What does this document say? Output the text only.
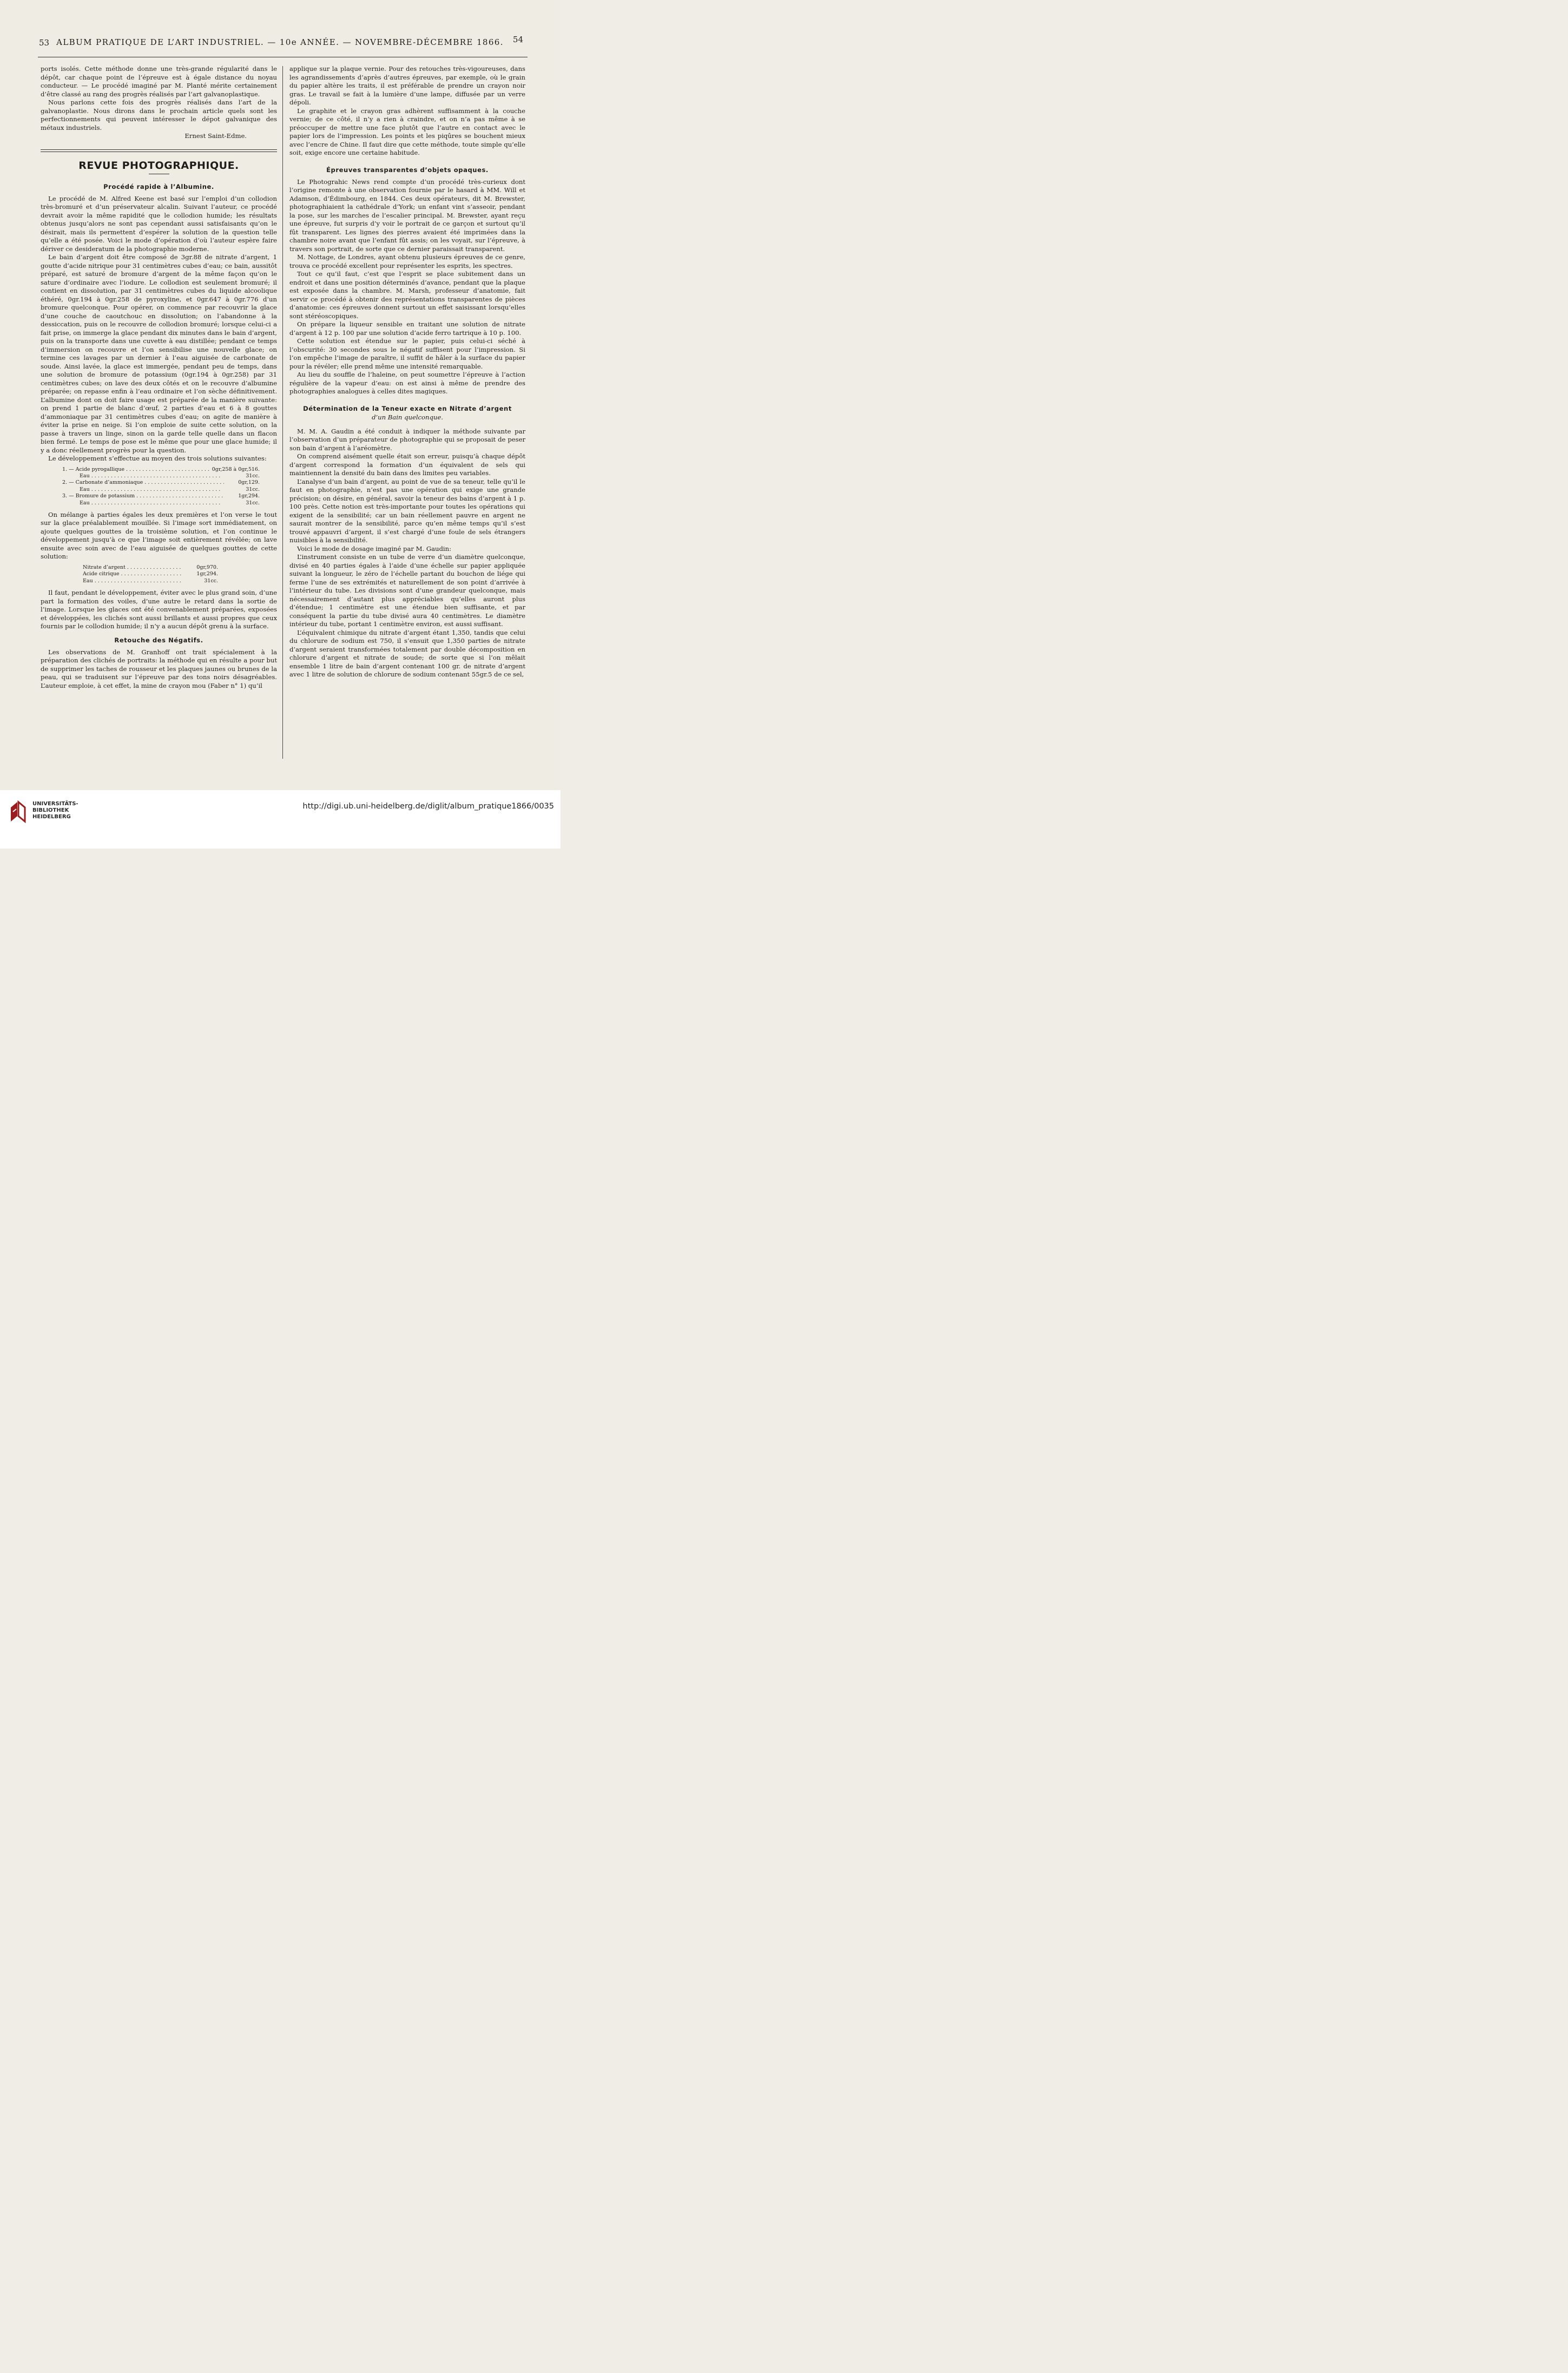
53 ALBUM PRATIQUE DE L’ART INDUSTRIEL. — 10e ANNÉE. — NOVEMBRE-DÉCEMBRE 1866.	54

ports isolés. Cette méthode donne une très-grande régularité dans le dépôt, car chaque point de l’épreuve est à égale distance du noyau conducteur. — Le procédé imaginé par M. Planté mérite certainement d’être classé au rang des progrès réalisés par l’art galvanoplastique.

Nous parlons cette fois des progrès réalisés dans l’art de la galvanoplastie. Nous dirons dans le prochain article quels sont les perfectionnements qui peuvent intéresser le dépot galvanique des métaux industriels.

Ernest Saint-Edme.

REVUE PHOTOGRAPHIQUE.
Procédé rapide à l’Albumine.

Le procédé de M. Alfred Keene est basé sur l’emploi d’un collodion très-bromuré et d’un préservateur alcalin. Suivant l’auteur, ce procédé devrait avoir la même rapidité que le collodion humide; les résultats obtenus jusqu’alors ne sont pas cependant aussi satisfaisants qu’on le désirait, mais ils permettent d’espérer la solution de la question telle qu’elle a été posée. Voici le mode d’opération d’où l’auteur espère faire dériver ce desideratum de la photographie moderne.

Le bain d’argent doit être composé de 3gr.88 de nitrate d’argent, 1 goutte d’acide nitrique pour 31 centimètres cubes d’eau; ce bain, aussitôt préparé, est saturé de bromure d’argent de la même façon qu’on le sature d’ordinaire avec l’iodure. Le collodion est seulement bromuré; il contient en dissolution, par 31 centimètres cubes du liquide alcoolique éthéré, 0gr.194 à 0gr.258 de pyroxyline, et 0gr.647 à 0gr.776 d’un bromure quelconque. Pour opérer, on commence par recouvrir la glace d’une couche de caoutchouc en dissolution; on l’abandonne à la dessiccation, puis on le recouvre de collodion bromuré; lorsque celui-ci a fait prise, on immerge la glace pendant dix minutes dans le bain d’argent, puis on la transporte dans une cuvette à eau distillée; pendant ce temps d’immersion on recouvre et l’on sensibilise une nouvelle glace; on termine ces lavages par un dernier à l’eau aiguisée de carbonate de soude. Ainsi lavée, la glace est immergée, pendant peu de temps, dans une solution de bromure de potassium (0gr.194 à 0gr.258) par 31 centimètres cubes; on lave des deux côtés et on le recouvre d’albumine préparée; on repasse enfin à l’eau ordinaire et l’on sèche définitivement. L’albumine dont on doit faire usage est préparée de la manière suivante: on prend 1 partie de blanc d’œuf, 2 parties d’eau et 6 à 8 gouttes d’ammoniaque par 31 centimètres cubes d’eau; on agite de manière à éviter la prise en neige. Si l’on emploie de suite cette solution, on la passe à travers un linge, sinon on la garde telle quelle dans un flacon bien fermé. Le temps de pose est le même que pour une glace humide; il y a donc réellement progrès pour la question.

Le développement s’effectue au moyen des trois solutions suivantes:

1. — Acide pyrogallique . . .	0gr,258 à 0gr,516.
Eau . . .	31cc.
2. — Carbonate d’ammoniaque . . .	0gr,129.
Eau . . .	31cc.
3. — Bromure de potassium . . .	1gr,294.
Eau . . .	31cc.

On mélange à parties égales les deux premières et l’on verse le tout sur la glace préalablement mouillée. Si l’image sort immédiatement, on ajoute quelques gouttes de la troisième solution, et l’on continue le développement jusqu’à ce que l’image soit entièrement révélée; on lave ensuite avec soin avec de l’eau aiguisée de quelques gouttes de cette solution:

Nitrate d’argent . . .	0gr,970.
Acide citrique . . .	1gr,294.
Eau . . .	31cc.

Il faut, pendant le développement, éviter avec le plus grand soin, d’une part la formation des voiles, d’une autre le retard dans la sortie de l’image. Lorsque les glaces ont été convenablement préparées, exposées et développées, les clichés sont aussi brillants et aussi propres que ceux fournis par le collodion humide; il n’y a aucun dépôt grenu à la surface.

Retouche des Négatifs.

Les observations de M. Granhoff ont trait spécialement à la préparation des clichés de portraits: la méthode qui en résulte a pour but de supprimer les taches de rousseur et les plaques jaunes ou brunes de la peau, qui se traduisent sur l’épreuve par des tons noirs désagréables. L’auteur emploie, à cet effet, la mine de crayon mou (Faber n° 1) qu’il

applique sur la plaque vernie. Pour des retouches très-vigoureuses, dans les agrandissements d’après d’autres épreuves, par exemple, où le grain du papier altère les traits, il est préférable de prendre un crayon noir gras. Le travail se fait à la lumière d’une lampe, diffusée par un verre dépoli.

Le graphite et le crayon gras adhèrent suffisamment à la couche vernie; de ce côté, il n’y a rien à craindre, et on n’a pas même à se préoccuper de mettre une face plutôt que l’autre en contact avec le papier lors de l’impression. Les points et les piqûres se bouchent mieux avec l’encre de Chine. Il faut dire que cette méthode, toute simple qu’elle soit, exige encore une certaine habitude.

Épreuves transparentes d’objets opaques.

Le Photograhic News rend compte d’un procédé très-curieux dont l’origine remonte à une observation fournie par le hasard à MM. Will et Adamson, d’Édimbourg, en 1844. Ces deux opérateurs, dit M. Brewster, photographiaient la cathédrale d’York; un enfant vint s’asseoir, pendant la pose, sur les marches de l’escalier principal. M. Brewster, ayant reçu une épreuve, fut surpris d’y voir le portrait de ce garçon et surtout qu’il fût transparent. Les lignes des pierres avaient été imprimées dans la chambre noire avant que l’enfant fût assis; on les voyait, sur l’épreuve, à travers son portrait, de sorte que ce dernier paraissait transparent.

M. Nottage, de Londres, ayant obtenu plusieurs épreuves de ce genre, trouva ce procédé excellent pour représenter les esprits, les spectres.

Tout ce qu’il faut, c’est que l’esprit se place subitement dans un endroit et dans une position déterminés d’avance, pendant que la plaque est exposée dans la chambre. M. Marsh, professeur d’anatomie, fait servir ce procédé à obtenir des représentations transparentes de pièces d’anatomie: ces épreuves donnent surtout un effet saisissant lorsqu’elles sont stéréoscopiques.

On prépare la liqueur sensible en traitant une solution de nitrate d’argent à 12 p. 100 par une solution d’acide ferro tartrique à 10 p. 100.

Cette solution est étendue sur le papier, puis celui-ci séché à l’obscurité: 30 secondes sous le négatif suffisent pour l’impression. Si l’on empêche l’image de paraître, il suffit de hâler à la surface du papier pour la révéler; elle prend même une intensité remarquable.

Au lieu du souffle de l’haleine, on peut soumettre l’épreuve à l’action régulière de la vapeur d’eau: on est ainsi à même de prendre des photographies analogues à celles dites magiques.

Détermination de la Teneur exacte en Nitrate d’argent
d’un Bain quelconque.

M. M. A. Gaudin a été conduit à indiquer la méthode suivante par l’observation d’un préparateur de photographie qui se proposait de peser son bain d’argent à l’aréomètre.

On comprend aisément quelle était son erreur, puisqu’à chaque dépôt d’argent correspond la formation d’un équivalent de sels qui maintiennent la densité du bain dans des limites peu variables.

L’analyse d’un bain d’argent, au point de vue de sa teneur, telle qu’il le faut en photographie, n’est pas une opération qui exige une grande précision; on désire, en général, savoir la teneur des bains d’argent à 1 p. 100 près. Cette notion est très-importante pour toutes les opérations qui exigent de la sensibilité; car un bain réellement pauvre en argent ne saurait montrer de la sensibilité, parce qu’en même temps qu’il s’est trouvé appauvri d’argent, il s’est chargé d’une foule de sels étrangers nuisibles à la sensibilité.

Voici le mode de dosage imaginé par M. Gaudin:

L’instrument consiste en un tube de verre d’un diamètre quelconque, divisé en 40 parties égales à l’aide d’une échelle sur papier appliquée suivant la longueur, le zéro de l’échelle partant du bouchon de liége qui ferme l’une de ses extrémités et naturellement de son point d’arrivée à l’intérieur du tube. Les divisions sont d’une grandeur quelconque, mais nécessairement d’autant plus appréciables qu’elles auront plus d’étendue; 1 centimètre est une étendue bien suffisante, et par conséquent la partie du tube divisé aura 40 centimètres. Le diamètre intérieur du tube, portant 1 centimètre environ, est aussi suffisant.

L’équivalent chimique du nitrate d’argent étant 1,350, tandis que celui du chlorure de sodium est 750, il s’ensuit que 1,350 parties de nitrate d’argent seraient transformées totalement par double décomposition en chlorure d’argent et nitrate de soude; de sorte que si l’on mêlait ensemble 1 litre de bain d’argent contenant 100 gr. de nitrate d’argent avec 1 litre de solution de chlorure de sodium contenant 55gr.5 de ce sel,

UNIVERSITÄTS-
BIBLIOTHEK
HEIDELBERG
http://digi.ub.uni-heidelberg.de/diglit/album_pratique1866/0035
